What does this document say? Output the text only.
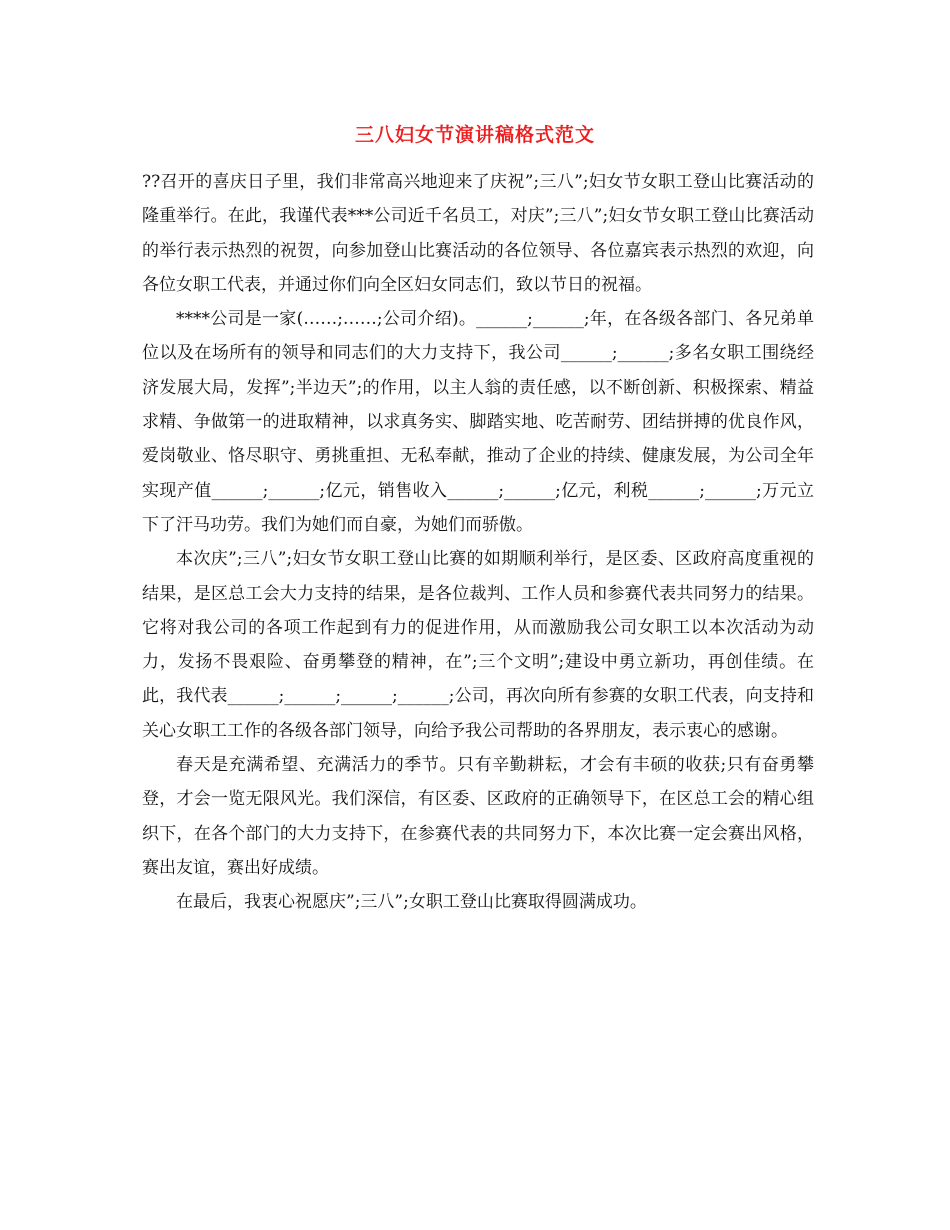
三八妇女节演讲稿格式范文

??召开的喜庆日子里，我们非常高兴地迎来了庆祝”;三八”;妇女节女职工登山比赛活动的隆重举行。在此，我谨代表***公司近千名员工，对庆”;三八”;妇女节女职工登山比赛活动的举行表示热烈的祝贺，向参加登山比赛活动的各位领导、各位嘉宾表示热烈的欢迎，向各位女职工代表，并通过你们向全区妇女同志们，致以节日的祝福。

****公司是一家(……;……;公司介绍)。______;______;年，在各级各部门、各兄弟单位以及在场所有的领导和同志们的大力支持下，我公司______;______;多名女职工围绕经济发展大局，发挥”;半边天”;的作用，以主人翁的责任感，以不断创新、积极探索、精益求精、争做第一的进取精神，以求真务实、脚踏实地、吃苦耐劳、团结拼搏的优良作风，爱岗敬业、恪尽职守、勇挑重担、无私奉献，推动了企业的持续、健康发展，为公司全年实现产值______;______;亿元，销售收入______;______;亿元，利税______;______;万元立下了汗马功劳。我们为她们而自豪，为她们而骄傲。

本次庆”;三八”;妇女节女职工登山比赛的如期顺利举行，是区委、区政府高度重视的结果，是区总工会大力支持的结果，是各位裁判、工作人员和参赛代表共同努力的结果。它将对我公司的各项工作起到有力的促进作用，从而激励我公司女职工以本次活动为动力，发扬不畏艰险、奋勇攀登的精神，在”;三个文明”;建设中勇立新功，再创佳绩。在此，我代表______;______;______;______;公司，再次向所有参赛的女职工代表，向支持和关心女职工工作的各级各部门领导，向给予我公司帮助的各界朋友，表示衷心的感谢。

春天是充满希望、充满活力的季节。只有辛勤耕耘，才会有丰硕的收获;只有奋勇攀登，才会一览无限风光。我们深信，有区委、区政府的正确领导下，在区总工会的精心组织下，在各个部门的大力支持下，在参赛代表的共同努力下，本次比赛一定会赛出风格，赛出友谊，赛出好成绩。

在最后，我衷心祝愿庆”;三八”;女职工登山比赛取得圆满成功。
